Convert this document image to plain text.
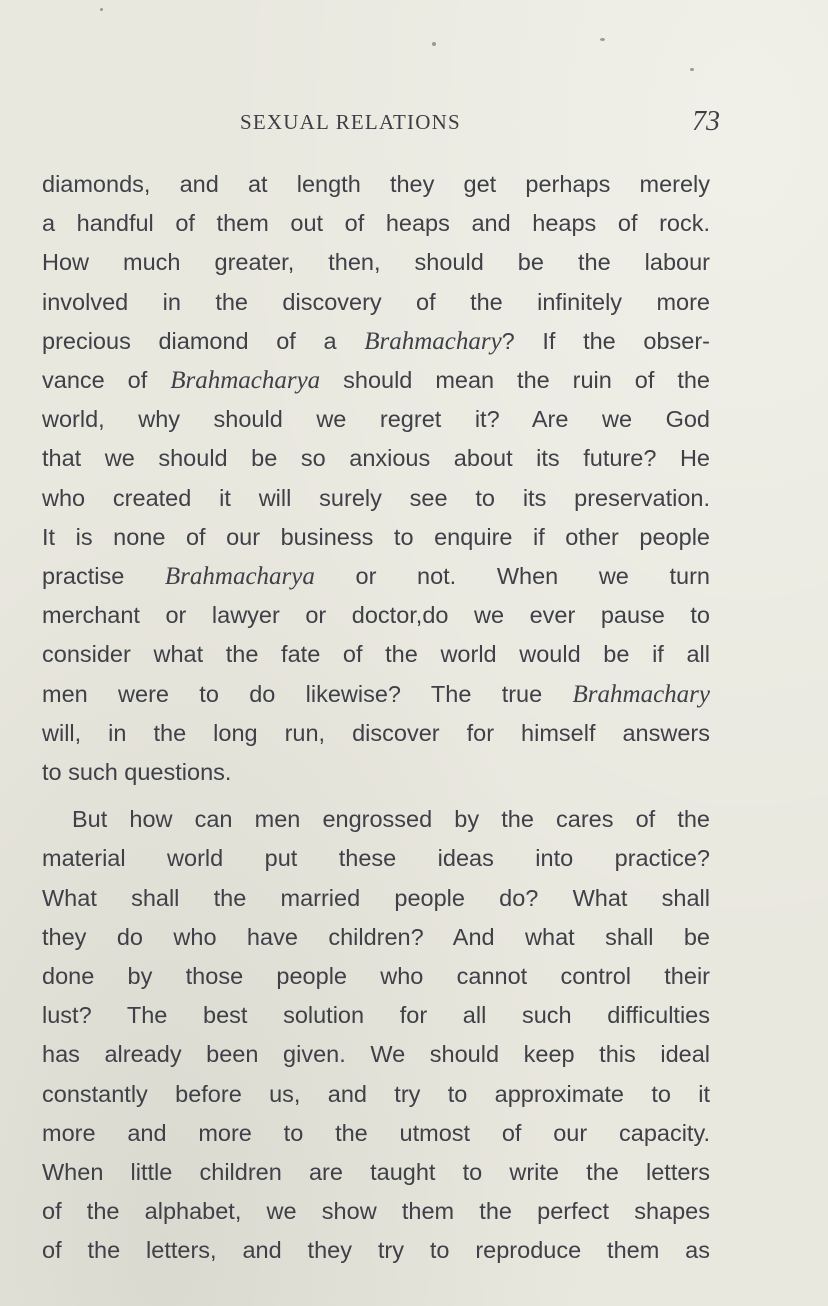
SEXUAL RELATIONS	73

diamonds, and at length they get perhaps merely
a handful of them out of heaps and heaps of rock.
How much greater, then, should be the labour
involved in the discovery of the infinitely more
precious diamond of a Brahmachary? If the obser-
vance of Brahmacharya should mean the ruin of the
world, why should we regret it? Are we God
that we should be so anxious about its future? He
who created it will surely see to its preservation.
It is none of our business to enquire if other people
practise Brahmacharya or not. When we turn
merchant or lawyer or doctor,do we ever pause to
consider what the fate of the world would be if all
men were to do likewise? The true Brahmachary
will, in the long run, discover for himself answers
to such questions.

But how can men engrossed by the cares of the
material world put these ideas into practice?
What shall the married people do? What shall
they do who have children? And what shall be
done by those people who cannot control their
lust? The best solution for all such difficulties
has already been given. We should keep this ideal
constantly before us, and try to approximate to it
more and more to the utmost of our capacity.
When little children are taught to write the letters
of the alphabet, we show them the perfect shapes
of the letters, and they try to reproduce them as
